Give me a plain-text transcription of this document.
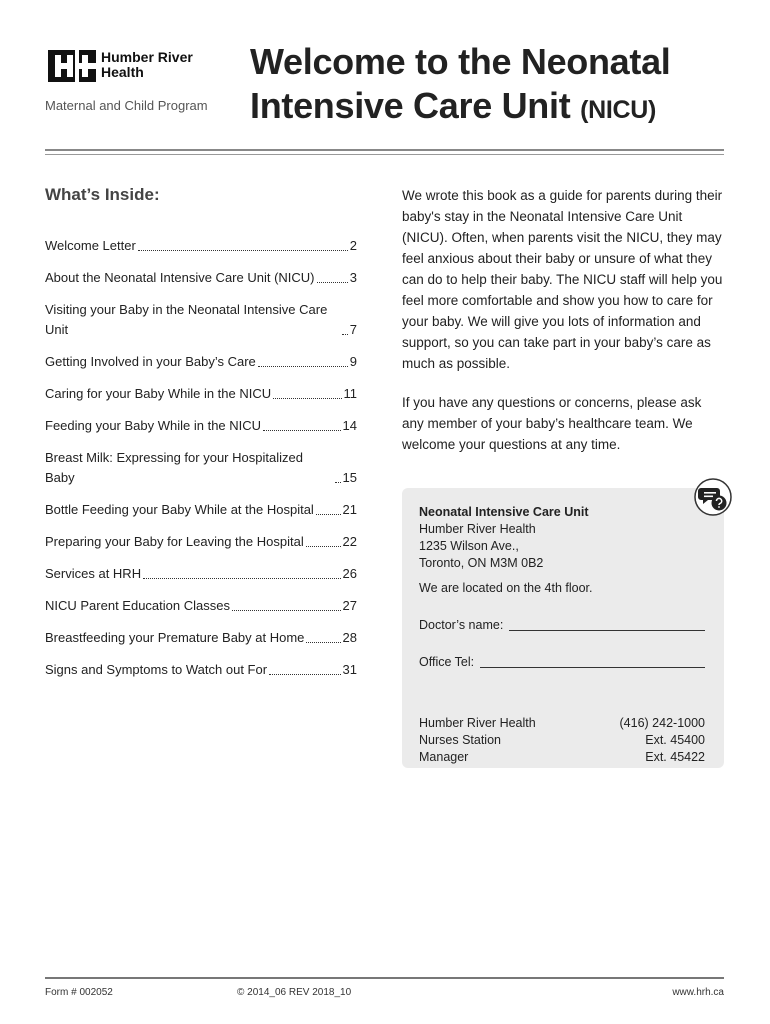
Humber River
Health
Maternal and Child Program
Welcome to the Neonatal
Intensive Care Unit (NICU)
What’s Inside:
Welcome Letter	2
About the Neonatal Intensive Care Unit (NICU)	3
Visiting your Baby in the Neonatal Intensive Care Unit	7
Getting Involved in your Baby’s Care	9
Caring for your Baby While in the NICU	11
Feeding your Baby While in the NICU	14
Breast Milk: Expressing for your Hospitalized Baby	15
Bottle Feeding your Baby While at the Hospital 21
Preparing your Baby for Leaving the Hospital	22
Services at HRH	26
NICU Parent Education Classes	27
Breastfeeding your Premature Baby at Home	28
Signs and Symptoms to Watch out For	31

We wrote this book as a guide for parents during their baby's stay in the Neonatal Intensive Care Unit (NICU). Often, when parents visit the NICU, they may feel anxious about their baby or unsure of what they can do to help their baby. The NICU staff will help you feel more comfortable and show you how to care for your baby. We will give you lots of information and support, so you can take part in your baby’s care as much as possible.

If you have any questions or concerns, please ask any member of your baby’s healthcare team. We welcome your questions at any time.

Neonatal Intensive Care Unit
Humber River Health
1235 Wilson Ave.,
Toronto, ON M3M 0B2
We are located on the 4th floor.
Doctor’s name:
Office Tel:
Humber River Health	(416) 242-1000
Nurses Station	Ext. 45400
Manager	Ext. 45422
Form # 002052	© 2014_06 REV 2018_10	www.hrh.ca
